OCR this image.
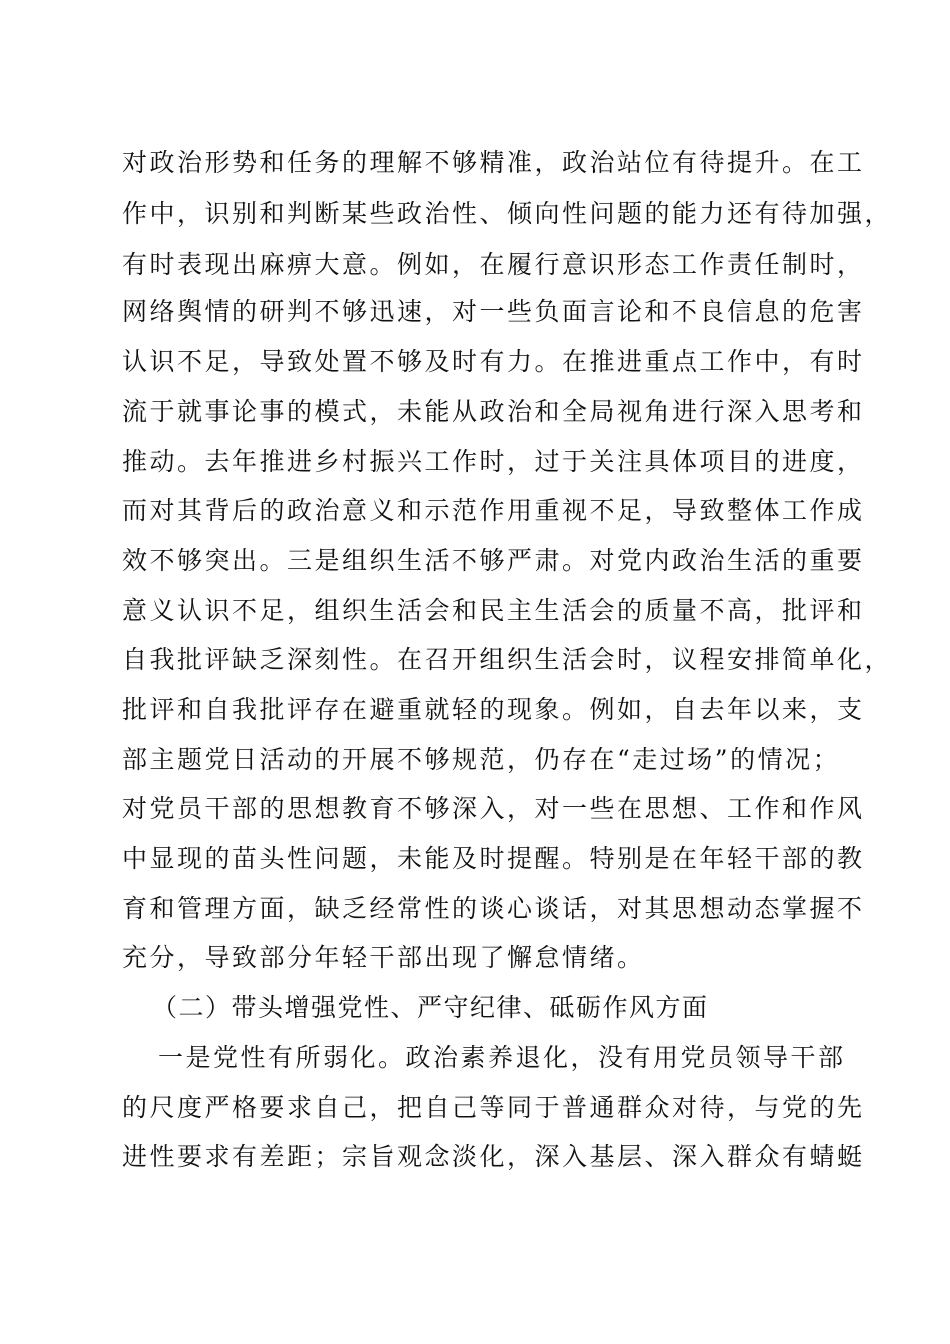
对政治形势和任务的理解不够精准，政治站位有待提升。在工
作中，识别和判断某些政治性、倾向性问题的能力还有待加强，
有时表现出麻痹大意。例如，在履行意识形态工作责任制时，
网络舆情的研判不够迅速，对一些负面言论和不良信息的危害
认识不足，导致处置不够及时有力。在推进重点工作中，有时
流于就事论事的模式，未能从政治和全局视角进行深入思考和
推动。去年推进乡村振兴工作时，过于关注具体项目的进度，
而对其背后的政治意义和示范作用重视不足，导致整体工作成
效不够突出。三是组织生活不够严肃。对党内政治生活的重要
意义认识不足，组织生活会和民主生活会的质量不高，批评和
自我批评缺乏深刻性。在召开组织生活会时，议程安排简单化，
批评和自我批评存在避重就轻的现象。例如，自去年以来，支
部主题党日活动的开展不够规范，仍存在“走过场”的情况；
对党员干部的思想教育不够深入，对一些在思想、工作和作风
中显现的苗头性问题，未能及时提醒。特别是在年轻干部的教
育和管理方面，缺乏经常性的谈心谈话，对其思想动态掌握不
充分，导致部分年轻干部出现了懈怠情绪。
（二）带头增强党性、严守纪律、砥砺作风方面
一是党性有所弱化。政治素养退化，没有用党员领导干部
的尺度严格要求自己，把自己等同于普通群众对待，与党的先
进性要求有差距；宗旨观念淡化，深入基层、深入群众有蜻蜓
